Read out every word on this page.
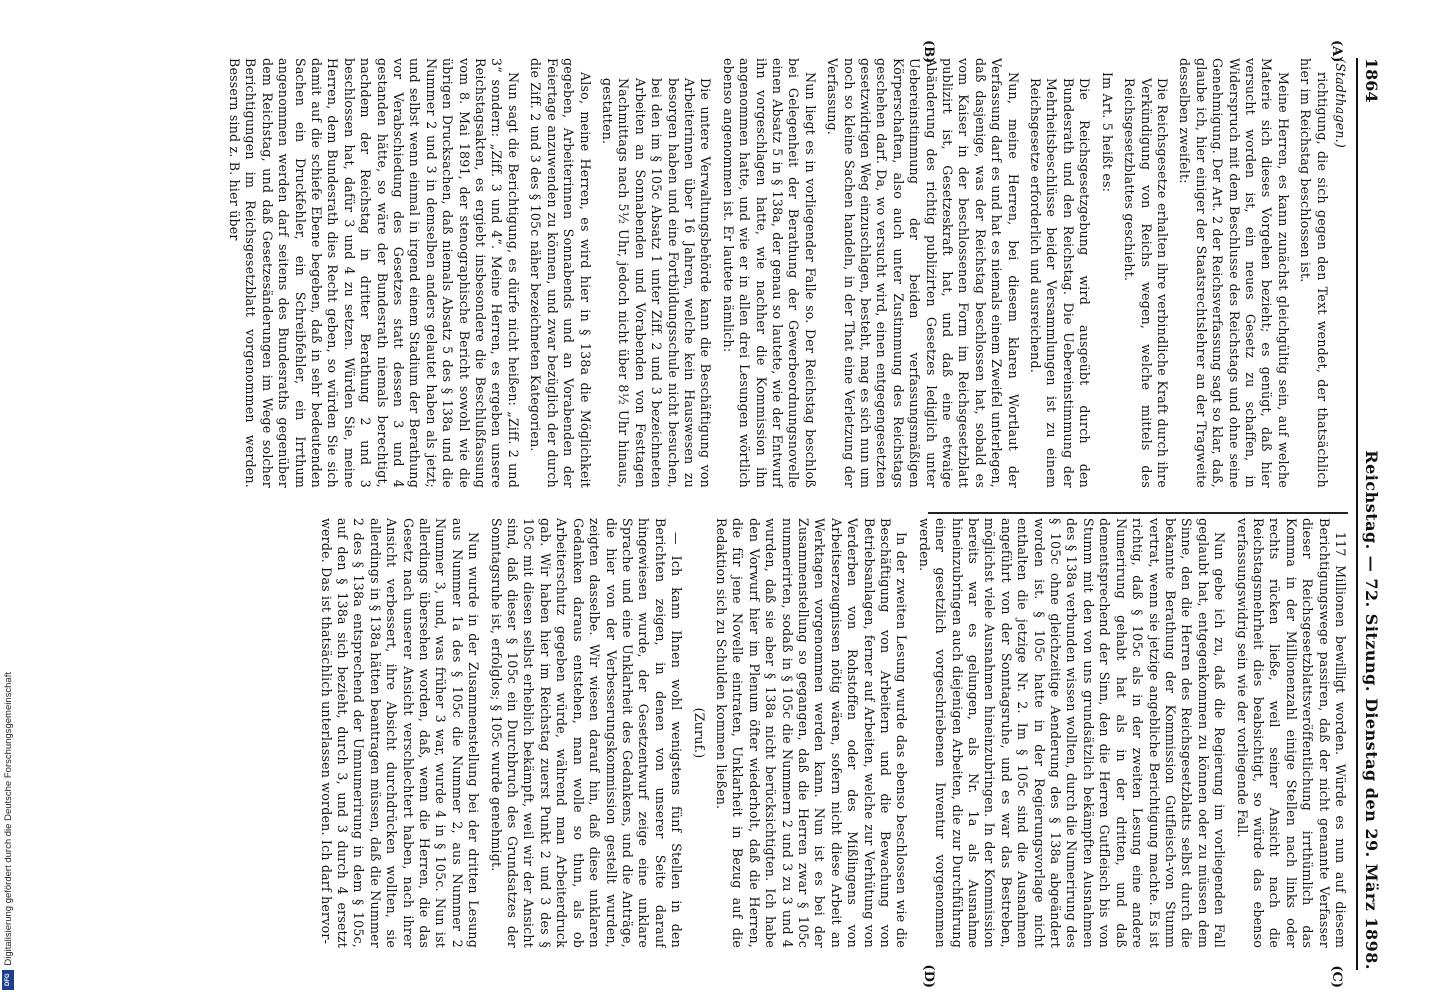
DFG
Digitalisierung gefördert durch die Deutsche Forschungsgemeinschaft
1864
Reichstag. — 72. Sitzung. Dienstag den 29. März 1898.
(A)
(B)
(C)
(D)
(Stadthagen.)

richtigung, die sich gegen den Text wendet, der thatsächlich hier im Reichstag beschlossen ist.

Meine Herren, es kann zunächst gleichgültig sein, auf welche Materie sich dieses Vorgehen bezieht; es genügt, daß hier versucht worden ist, ein neues Gesetz zu schaffen, in Widerspruch mit dem Beschlusse des Reichstags und ohne seine Genehmigung. Der Art. 2 der Reichsverfassung sagt so klar, daß, glaube ich, hier einiger der Staatsrechtslehrer an der Tragweite desselben zweifelt:

Die Reichsgesetze erhalten ihre verbindliche Kraft durch ihre Verkündigung von Reichs wegen, welche mittels des Reichsgesetzblattes geschieht.

Im Art. 5 heißt es:

Die Reichsgesetzgebung wird ausgeübt durch den Bundesrath und den Reichstag. Die Uebereinstimmung der Mehrheitsbeschlüsse beider Versammlungen ist zu einem Reichsgesetze erforderlich und ausreichend.

Nun, meine Herren, bei diesem klaren Wortlaut der Verfassung darf es und hat es niemals einem Zweifel unterlegen, daß dasjenige, was der Reichstag beschlossen hat, sobald es vom Kaiser in der beschlossenen Form im Reichsgesetzblatt publizirt ist, Gesetzeskraft hat, und daß eine etwaige Abänderung des richtig publizirten Gesetzes lediglich unter Uebereinstimmung der beiden verfassungsmäßigen Körperschaften, also auch unter Zustimmung des Reichstags geschehen darf. Da, wo versucht wird, einen entgegengesetzten gesetzwidrigen Weg einzuschlagen, besteht, mag es sich nun um noch so kleine Sachen handeln, in der That eine Verletzung der Verfassung.

Nun liegt es in vorliegender Falle so. Der Reichstag beschloß bei Gelegenheit der Berathung der Gewerbeordnungsnovelle einen Absatz 5 in § 138a, der genau so lautete, wie der Entwurf ihn vorgeschlagen hatte, wie nachher die Kommission ihn angenommen hatte, und wie er in allen drei Lesungen wörtlich ebenso angenommen ist. Er lautete nämlich:

Die untere Verwaltungsbehörde kann die Beschäftigung von Arbeiterinnen über 16 Jahren, welche kein Hauswesen zu besorgen haben und eine Fortbildungsschule nicht besuchen, bei den im § 105c Absatz 1 unter Ziff. 2 und 3 bezeichneten Arbeiten an Sonnabenden und Vorabenden von Festtagen Nachmittags nach 5½ Uhr, jedoch nicht über 8½ Uhr hinaus, gestatten.

Also, meine Herren, es wird hier in § 138a die Möglichkeit gegeben, Arbeiterinnen Sonnabends und an Vorabenden der Feiertage anzuwenden zu können, und zwar bezüglich der durch die Ziff. 2 und 3 des § 105c näher bezeichneten Kategorien.

Nun sagt die Berichtigung, es dürfe nicht heißen: „Ziff. 2 und 3“ sondern: „Ziff. 3 und 4“. Meine Herren, es ergeben unsere Reichstagsakten, es ergiebt insbesondere die Beschlußfassung vom 8. Mai 1891, der stenographische Bericht sowohl wie die übrigen Drucksachen, daß niemals Absatz 5 des § 138a und die Nummer 2 und 3 in demselben anders gelautet haben als jetzt; und selbst wenn einmal in irgend einem Stadium der Berathung vor Verabschiedung des Gesetzes statt dessen 3 und 4 gestanden hätte, so wäre der Bundesrath niemals berechtigt, nachdem der Reichstag in dritter Berathung 2 und 3 beschlossen hat, dafür 3 und 4 zu setzen. Würden Sie, meine Herren, dem Bundesrath dies Recht geben, so würden Sie sich damit auf die schiefe Ebene begeben, daß in sehr bedeutenden Sachen ein Druckfehler, ein Schreibfehler, ein Irrthum angenommen werden darf seitens des Bundesraths gegenüber dem Reichstag, und daß Gesetzesänderungen im Wege solcher Berichtigungen im Reichsgesetzblatt vorgenommen werden. Bessern sind z. B. hier über

117 Millionen bewilligt worden. Würde es nun auf diesem Berichtigungswege passiren, daß der nicht genannte Verfasser dieser Reichsgesetzblattsveröffentlichung irrthümlich das Komma in der Millionenzahl einige Stellen nach links oder rechts rücken ließe, weil seiner Ansicht nach die Reichstagsmehrheit dies beabsichtigt, so würde das ebenso verfassungswidrig sein wie der vorliegende Fall.

Nun gebe ich zu, daß die Regierung im vorliegenden Fall geglaubt hat, entgegenkommen zu können oder zu müssen dem Sinne, den die Herren des Reichsgesetzblatts selbst durch die bekannte Berathung der Kommission Gutfleisch-von Stumm vertrat, wenn sie jetzige angebliche Berichtigung machte. Es ist richtig, daß § 105c als in der zweiten Lesung eine andere Numerirung gehabt hat als in der dritten, und daß dementsprechend der Sinn, den die Herren Gutfleisch bis von Stumm mit den von uns grundsätzlich bekämpften Ausnahmen des § 138a verbunden wissen wollten, durch die Numerirung des § 105c ohne gleichzeitige Aenderung des § 138a abgeändert worden ist. § 105c hatte in der Regierungsvorlage nicht enthalten die jetzige Nr. 2. Im § 105c sind die Ausnahmen angeführt von der Sonntagsruhe, und es war das Bestreben, möglichst viele Ausnahmen hineinzubringen. In der Kommission bereits war es gelungen, als Nr. 1a als Ausnahme hineinzubringen auch diejenigen Arbeiten, die zur Durchführung einer gesetzlich vorgeschriebenen Inventur vorgenommen werden.

In der zweiten Lesung wurde das ebenso beschlossen wie die Beschäftigung von Arbeitern und die Bewachung von Betriebsanlagen, ferner auf Arbeiten, welche zur Verhütung von Verderben von Rohstoffen oder des Mißlingens von Arbeitserzeugnissen nötig wären, sofern nicht diese Arbeit an Werktagen vorgenommen werden kann. Nun ist es bei der Zusammenstellung so gegangen, daß die Herren zwar § 105c nummerirten, sodaß in § 105c die Nummern 2 und 3 zu 3 und 4 wurden, daß sie aber § 138a nicht berücksichtigten. Ich habe den Vorwurf hier im Plenum öfter wiederholt, daß die Herren, die für jene Novelle eintraten, Unklarheit in Bezug auf die Redaktion sich zu Schulden kommen ließen.

(Zuruf.)

— Ich kann Ihnen wohl wenigstens fünf Stellen in den Berichten zeigen, in denen von unserer Seite darauf hingewiesen wurde, der Gesetzentwurf zeige eine unklare Sprache und eine Unklarheit des Gedankens, und die Anträge, die hier von der Verbesserungskommission gestellt wurden, zeigten dasselbe. Wir wiesen darauf hin, daß diese unklaren Gedanken daraus entstehen, man wolle so thun, als ob Arbeiterschutz gegeben würde, während man Arbeiterdruck gab. Wir haben hier im Reichstag zuerst Punkt 2 und 3 des § 105c mit diesen selbst erheblich bekämpft, weil wir der Ansicht sind, daß dieser § 105c ein Durchbruch des Grundsatzes der Sonntagsruhe ist, erfolglos; § 105c wurde genehmigt.

Nun wurde in der Zusammenstellung bei der dritten Lesung aus Nummer 1a des § 105c die Nummer 2, aus Nummer 2 Nummer 3, und, was früher 3 war, wurde 4 in § 105c. Nun ist allerdings übersehen worden, daß, wenn die Herren, die das Gesetz nach unserer Ansicht verschlechtert haben, nach ihrer Ansicht verbessert, ihre Absicht durchdrücken wollten, sie allerdings in § 138a hätten beantragen müssen, daß die Nummer 2 des § 138a entsprechend der Umnumerirung in dem § 105c, auf den § 138a sich bezieht, durch 3, und 3 durch 4 ersetzt werde. Das ist thatsächlich unterlassen worden. Ich darf hervor-
